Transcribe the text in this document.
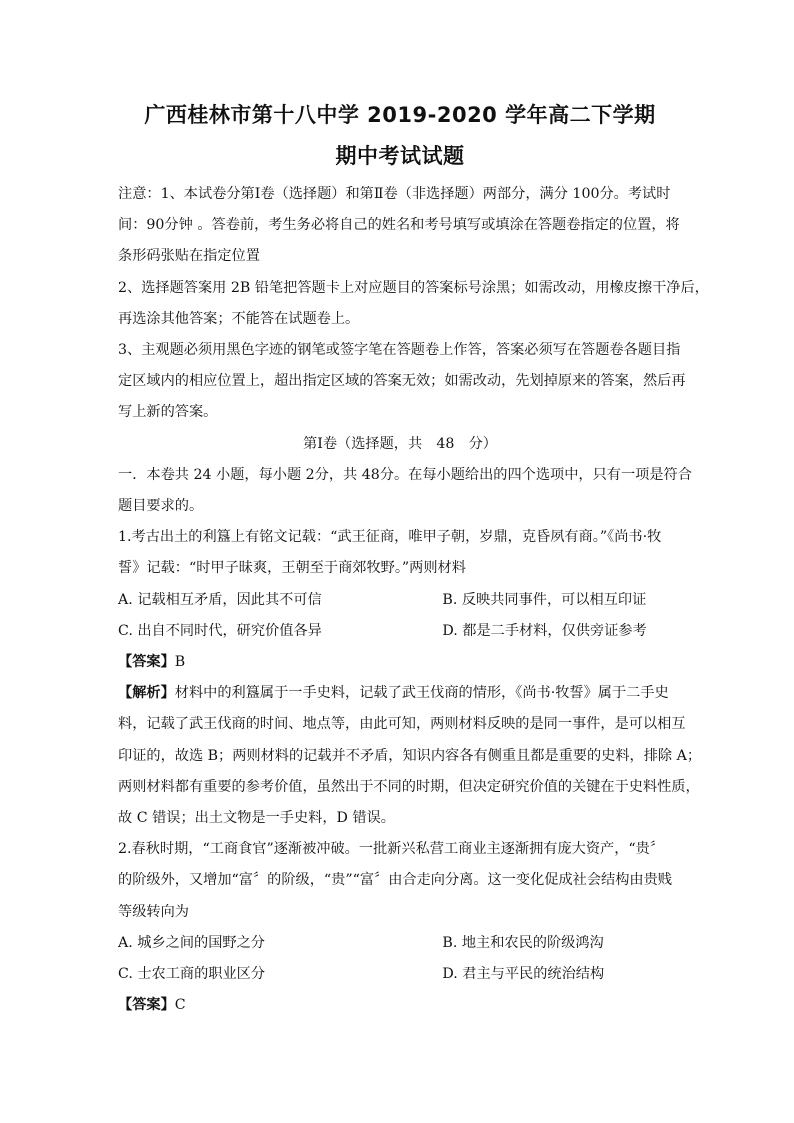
广西桂林市第十八中学 2019-2020 学年高二下学期
期中考试试题

注意：1、本试卷分第Ⅰ卷（选择题）和第Ⅱ卷（非选择题）两部分，满分 100分。考试时

间：90分钟 。答卷前，考生务必将自己的姓名和考号填写或填涂在答题卷指定的位置，将

条形码张贴在指定位置

2、选择题答案用 2B 铅笔把答题卡上对应题目的答案标号涂黑；如需改动，用橡皮擦干净后，

再选涂其他答案；不能答在试题卷上。

3、主观题必须用黑色字迹的钢笔或签字笔在答题卷上作答，答案必须写在答题卷各题目指

定区域内的相应位置上，超出指定区域的答案无效；如需改动，先划掉原来的答案，然后再

写上新的答案。

第Ⅰ卷（选择题，共　48　分）

一．本卷共 24 小题，每小题 2分，共 48分。在每小题给出的四个选项中，只有一项是符合

题目要求的。

1.考古出土的利簋上有铭文记载：“武王征商，唯甲子朝，岁鼎，克昏夙有商。”《尚书·牧

誓》记载：“时甲子昧爽，王朝至于商郊牧野。”两则材料

A. 记载相互矛盾，因此其不可信	B. 反映共同事件，可以相互印证
C. 出自不同时代，研究价值各异	D. 都是二手材料，仅供旁证参考

【答案】B

【解析】材料中的利簋属于一手史料，记载了武王伐商的情形，《尚书·牧誓》属于二手史

料，记载了武王伐商的时间、地点等，由此可知，两则材料反映的是同一事件，是可以相互

印证的，故选 B；两则材料的记载并不矛盾，知识内容各有侧重且都是重要的史料，排除 A；

两则材料都有重要的参考价值，虽然出于不同的时期，但决定研究价值的关键在于史料性质，

故 C 错误；出土文物是一手史料，D 错误。

2.春秋时期，“工商食官”逐渐被冲破。一批新兴私营工商业主逐渐拥有庞大资产，“贵〞

的阶级外，又增加“富〞的阶级，“贵”“富〞由合走向分离。这一变化促成社会结构由贵贱

等级转向为

A. 城乡之间的国野之分	B. 地主和农民的阶级鸿沟
C. 士农工商的职业区分	D. 君主与平民的统治结构

【答案】C
